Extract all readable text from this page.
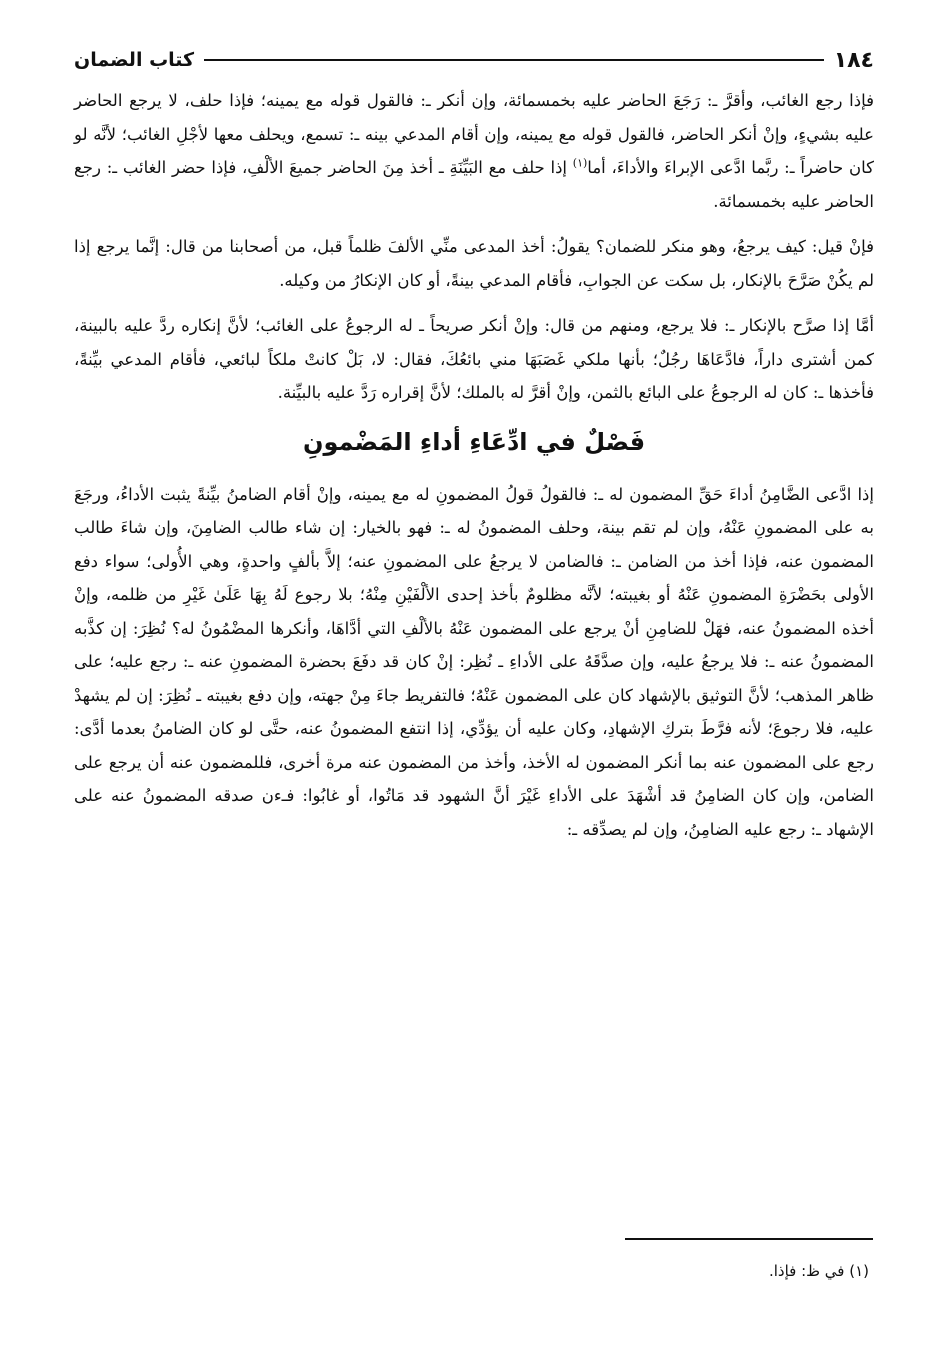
١٨٤
كتاب الضمان

فإذا رجع الغائب، وأقرَّ ـ: رَجَعَ الحاضر عليه بخمسمائة، وإن أنكر ـ: فالقول قوله مع يمينه؛ فإذا حلف، لا يرجع الحاضر عليه بشيءٍ، وإنْ أنكر الحاضر، فالقول قوله مع يمينه، وإن أقام المدعي بينه ـ: تسمع، ويحلف معها لأجْلِ الغائب؛ لأنَّه لو كان حاضراً ـ: ربَّما ادَّعى الإبراءَ والأداءَ، أما$^{(١)}$ إذا حلف مع البَيِّنَةِ ـ أخذ مِنَ الحاضر جميعَ الألْفِ، فإذا حضر الغائب ـ: رجع الحاضر عليه بخمسمائة.

فإنْ قيل: كيف يرجعُ، وهو منكر للضمان؟ يقولُ: أخذ المدعى منِّي الألفَ ظلماً قبل، من أصحابنا من قال: إنَّما يرجع إذا لم يكُنْ صَرَّحَ بالإنكار، بل سكت عن الجوابِ، فأقام المدعي بينةً، أو كان الإنكارُ من وكيله.

أمَّا إذا صرَّح بالإنكار ـ: فلا يرجع، ومنهم من قال: وإنْ أنكر صريحاً ـ له الرجوعُ على الغائب؛ لأنَّ إنكاره ردَّ عليه بالبينة، كمن أشترى داراً، فادَّعَاهَا رجُلٌ؛ بأنها ملكي غَصَبَهَا مني بائعُكَ، فقال: لا، بَلْ كانتْ ملكاً لبائعي، فأقام المدعي بيِّنةً، فأخذها ـ: كان له الرجوعُ على البائع بالثمن، وإنْ أقرَّ له بالملك؛ لأنَّ إقراره رَدَّ عليه بالبيِّنة.

فَصْلٌ في ادِّعَاءِ أداءِ المَضْمونِ

إذا ادَّعى الضَّامِنُ أداءَ حَقِّ المضمون له ـ: فالقولُ قولُ المضمونِ له مع يمينه، وإنْ أقام الضامنُ بيِّنةً يثبت الأداءُ، ورجَعَ به على المضمونِ عَنْهُ، وإن لم تقم بينة، وحلف المضمونُ له ـ: فهو بالخيار: إن شاء طالب الضامِنَ، وإن شاءَ طالب المضمون عنه، فإذا أخذ من الضامن ـ: فالضامن لا يرجعُ على المضمونِ عنه؛ إلاَّ بألفٍ واحدةٍ، وهي الأُولى؛ سواء دفع الأولى بحَضْرَةِ المضمونِ عَنْهُ أو بغيبته؛ لأنَّه مظلومٌ بأخذ إحدى الألْفَيْنِ مِنْهُ؛ بلا رجوع لَهُ بِهَا عَلَىٰ غَيْرِ من ظلمه، وإنْ أخذه المضمونُ عنه، فهَلْ للضامِنِ أنْ يرجع على المضمون عَنْهُ بالألْفِ التي أدَّاهَا، وأنكرها المضْمُونُ له؟ نُظِرَ: إن كذَّبه المضمونُ عنه ـ: فلا يرجعُ عليه، وإن صدَّقَهُ على الأداءِ ـ نُظِر: إنْ كان قد دفَعَ بحضرة المضمونِ عنه ـ: رجع عليه؛ على ظاهر المذهب؛ لأنَّ التوثيق بالإشهاد كان على المضمون عَنْهُ؛ فالتفريط جاءَ مِنْ جهته، وإن دفع بغيبته ـ نُظِرَ: إن لم يشهدْ عليه، فلا رجوعَ؛ لأنه فرَّطَ بتركِ الإشهادِ، وكان عليه أن يؤدِّي، إذا انتفع المضمونُ عنه، حتَّى لو كان الضامنُ بعدما أدَّى: رجع على المضمون عنه بما أنكر المضمون له الأخذ، وأخذ من المضمون عنه مرة أخرى، فللمضمون عنه أن يرجع على الضامن، وإن كان الضامِنُ قد أشْهَدَ على الأداءِ غَيْرَ أنَّ الشهود قد مَاتُوا، أو غابُوا: فـءن صدقه المضمونُ عنه على الإشهاد ـ: رجع عليه الضامِنُ، وإن لم يصدِّقه ـ:

(١) في ظ: فإذا.
